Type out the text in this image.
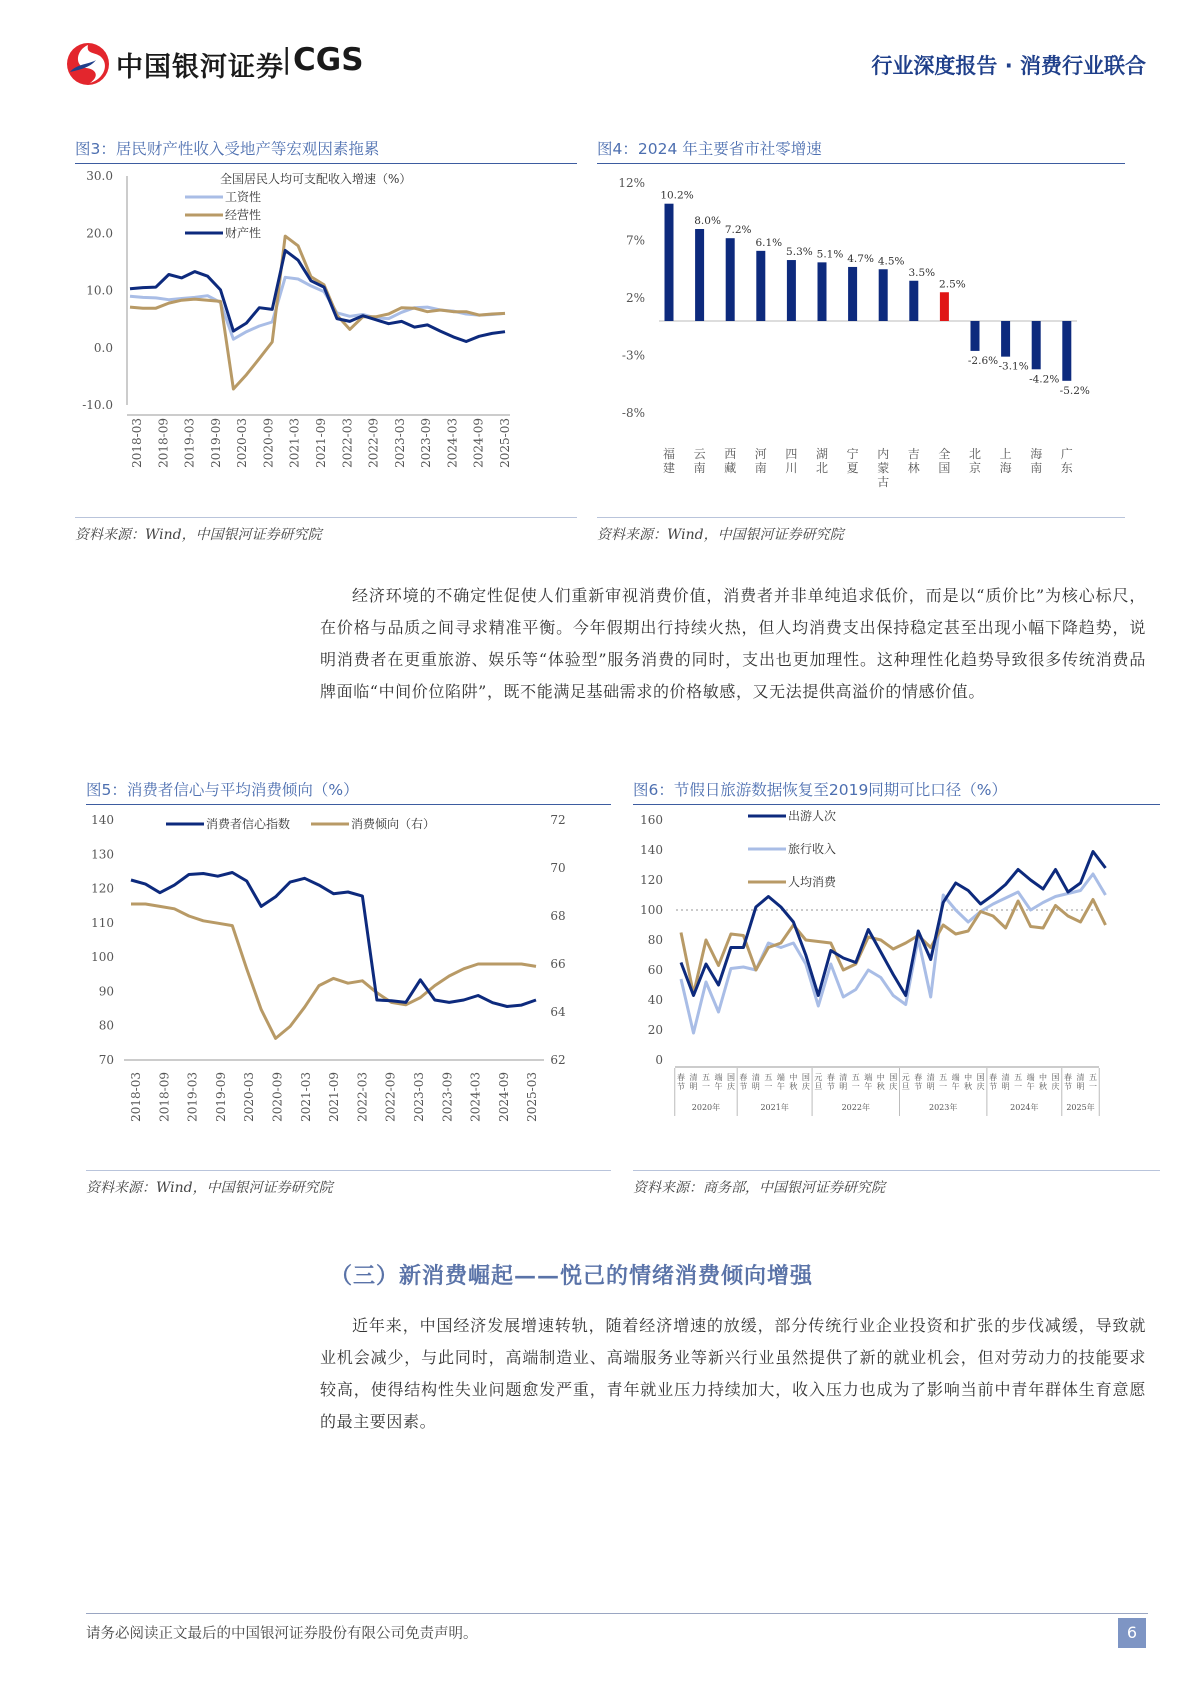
中国银河证券
| CGS	行业深度报告 · 消费行业联合
图3：居民财产性收入受地产等宏观因素拖累
30.0
20.0
10.0
0.0
-10.0
2018-03 2018-09 2019-03 2019-09 2020-03 2020-09 2021-03 2021-09 2022-03 2022-09 2023-03 2023-09 2024-03 2024-09 2025-03
全国居民人均可支配收入增速（%）
工资性
经营性
财产性
资料来源：Wind，中国银河证券研究院
图4：2024 年主要省市社零增速
12%
7%
2%
-3%
-8%
10.2%
福
建
8.0%
云
南
7.2%
西
藏
6.1%
河
南
5.3%
四
川
5.1%
湖
北
4.7%
宁
夏
4.5%
内
蒙
古
3.5%
吉
林
2.5%
全
国
-2.6%
北
京
-3.1%
上
海
-4.2%
海
南
-5.2%
广
东
资料来源：Wind，中国银河证券研究院
经济环境的不确定性促使人们重新审视消费价值，消费者并非单纯追求低价，而是以“质价比”为核心标尺，在价格与品质之间寻求精准平衡。今年假期出行持续火热，但人均消费支出保持稳定甚至出现小幅下降趋势，说明消费者在更重旅游、娱乐等“体验型”服务消费的同时，支出也更加理性。这种理性化趋势导致很多传统消费品牌面临“中间价位陷阱”，既不能满足基础需求的价格敏感，又无法提供高溢价的情感价值。
图5：消费者信心与平均消费倾向（%）
140
130
120
110
100
90
80
70
72
70
68
66
64
62
2018-03 2018-09 2019-03 2019-09 2020-03 2020-09 2021-03 2021-09 2022-03 2022-09 2023-03 2023-09 2024-03 2024-09 2025-03
消费者信心指数	消费倾向（右）
资料来源：Wind，中国银河证券研究院
图6：节假日旅游数据恢复至2019同期可比口径（%）
160
140
120
100
80
60
40
20
0
出游人次
旅行收入
人均消费
春
节
清
明
五
一
端
午
国
庆
春
节
清
明
五
一
端
午
中
秋
国
庆
元
旦
春
节
清
明
五
一
端
午
中
秋
国
庆
元
旦
春
节
清
明
五
一
端
午
中
秋
国
庆
春
节
清
明
五
一
端
午
中
秋
国
庆
春
节
清
明
五
一
2020年	2021年	2022年	2023年	2024年	2025年
资料来源：商务部，中国银河证券研究院
（三）新消费崛起——悦己的情绪消费倾向增强
近年来，中国经济发展增速转轨，随着经济增速的放缓，部分传统行业企业投资和扩张的步伐减缓，导致就业机会减少，与此同时，高端制造业、高端服务业等新兴行业虽然提供了新的就业机会，但对劳动力的技能要求较高，使得结构性失业问题愈发严重，青年就业压力持续加大，收入压力也成为了影响当前中青年群体生育意愿的最主要因素。
请务必阅读正文最后的中国银河证券股份有限公司免责声明。	6
